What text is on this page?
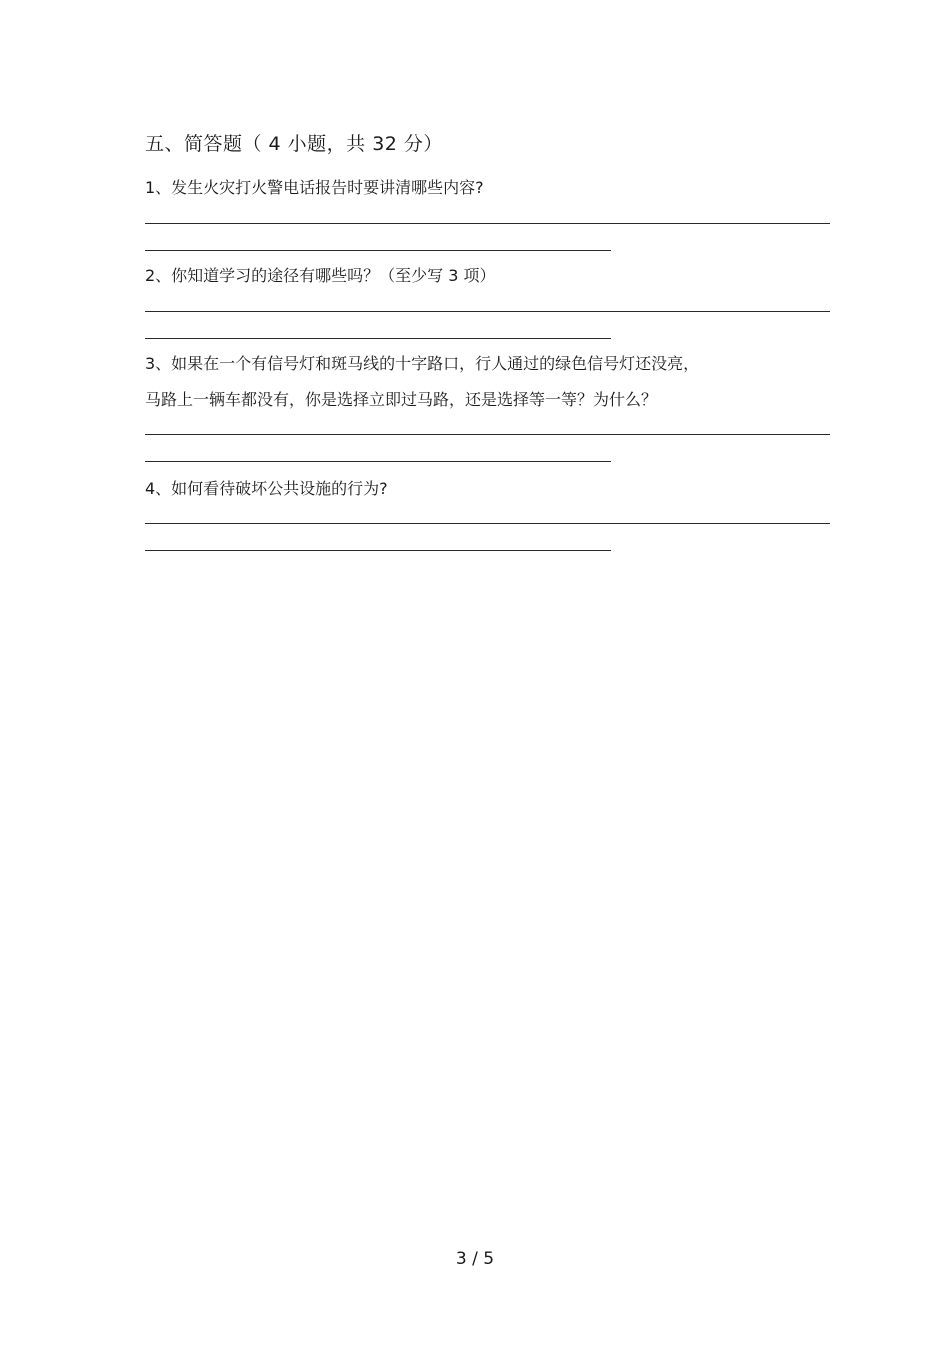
五、简答题（ 4 小题，共 32 分）
1、发生火灾打火警电话报告时要讲清哪些内容?
2、你知道学习的途径有哪些吗？（至少写 3 项）
3、如果在一个有信号灯和斑马线的十字路口，行人通过的绿色信号灯还没亮，
马路上一辆车都没有，你是选择立即过马路，还是选择等一等？为什么？
4、如何看待破坏公共设施的行为?
3 / 5
